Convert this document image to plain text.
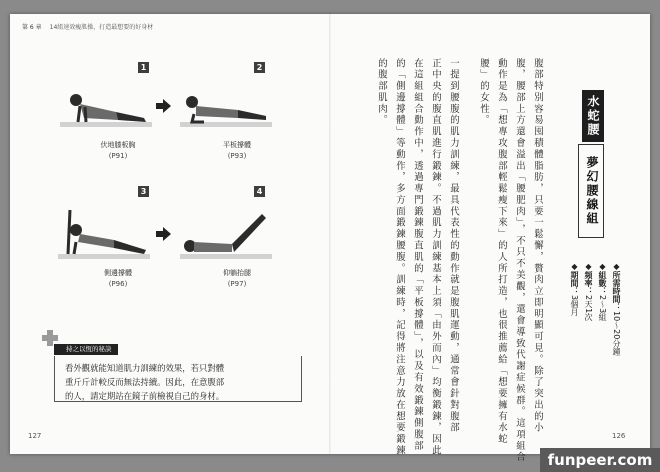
第 6 章 14組速效瘦肌操，打造最想要的好身材
1	2
伏地膝板胸
(P91)
平板撐體
(P93)
3	4
側邊撐體
(P96)
仰躺抬腿
(P97)
持之以恆的秘訣
看外觀就能知道肌力訓練的效果，若只對體
重斤斤計較反而無法持續。因此，在意腹部
的人，請定期站在鏡子前檢視自己的身材。
127	126
水蛇腰
夢幻腰線組
◆所需時間：10～20分鐘
◆組數：2～3組
◆頻率：2天1次
◆期間：3個月
腹部特別容易囤積體脂肪，只要一鬆懈，贅肉立即明顯可見。除了突出的小
腹，腰部上方還會溢出「腰肥肉」，不只不美觀，還會導致代謝症候群。這項組合
動作是為「想專攻腹部輕鬆瘦下來」的人所打造，也很推薦給「想要擁有水蛇
腰」的女性。
一提到腰腹的肌力訓練，最具代表性的動作就是腹肌運動，通常會針對腹部
正中央的腹直肌進行鍛鍊。不過肌力訓練基本上須「由外而內」均衡鍛鍊，因此
在這組組合動作中，透過專門鍛鍊腹直肌的「平板撐體」，以及有效鍛鍊側腹部
的「側邊撐體」等動作，多方面鍛鍊腰腹。訓練時，記得將注意力放在想要鍛鍊
的腹部肌肉。
funpeer.com
